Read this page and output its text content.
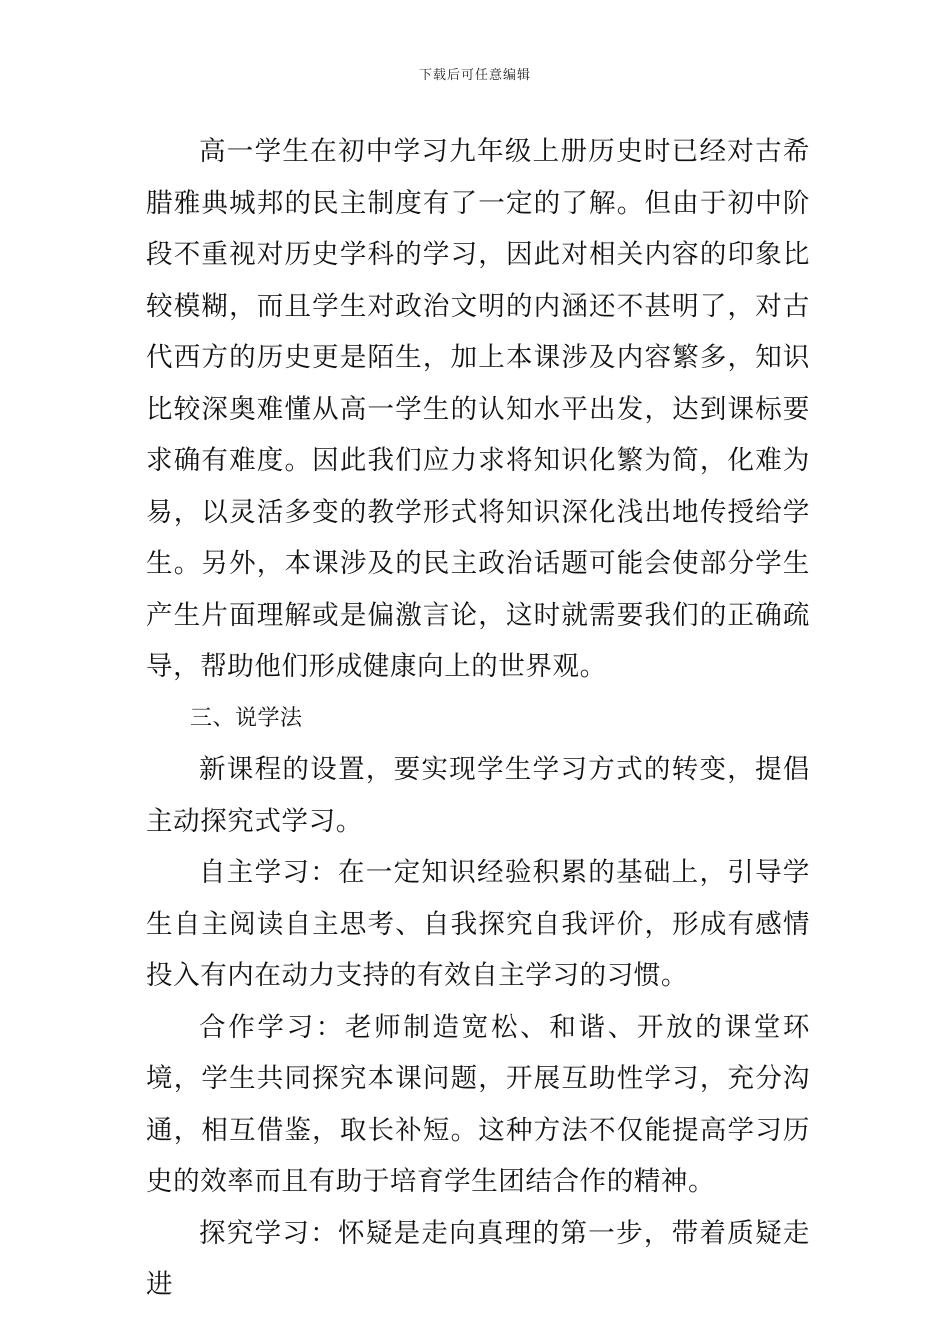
下载后可任意编辑

高一学生在初中学习九年级上册历史时已经对古希腊雅典城邦的民主制度有了一定的了解。但由于初中阶段不重视对历史学科的学习，因此对相关内容的印象比较模糊，而且学生对政治文明的内涵还不甚明了，对古代西方的历史更是陌生，加上本课涉及内容繁多，知识比较深奥难懂从高一学生的认知水平出发，达到课标要求确有难度。因此我们应力求将知识化繁为简，化难为易，以灵活多变的教学形式将知识深化浅出地传授给学生。另外，本课涉及的民主政治话题可能会使部分学生产生片面理解或是偏激言论，这时就需要我们的正确疏导，帮助他们形成健康向上的世界观。

三、说学法

新课程的设置，要实现学生学习方式的转变，提倡主动探究式学习。

自主学习：在一定知识经验积累的基础上，引导学生自主阅读自主思考、自我探究自我评价，形成有感情投入有内在动力支持的有效自主学习的习惯。

合作学习：老师制造宽松、和谐、开放的课堂环境，学生共同探究本课问题，开展互助性学习，充分沟通，相互借鉴，取长补短。这种方法不仅能提高学习历史的效率而且有助于培育学生团结合作的精神。

探究学习：怀疑是走向真理的第一步，带着质疑走进
